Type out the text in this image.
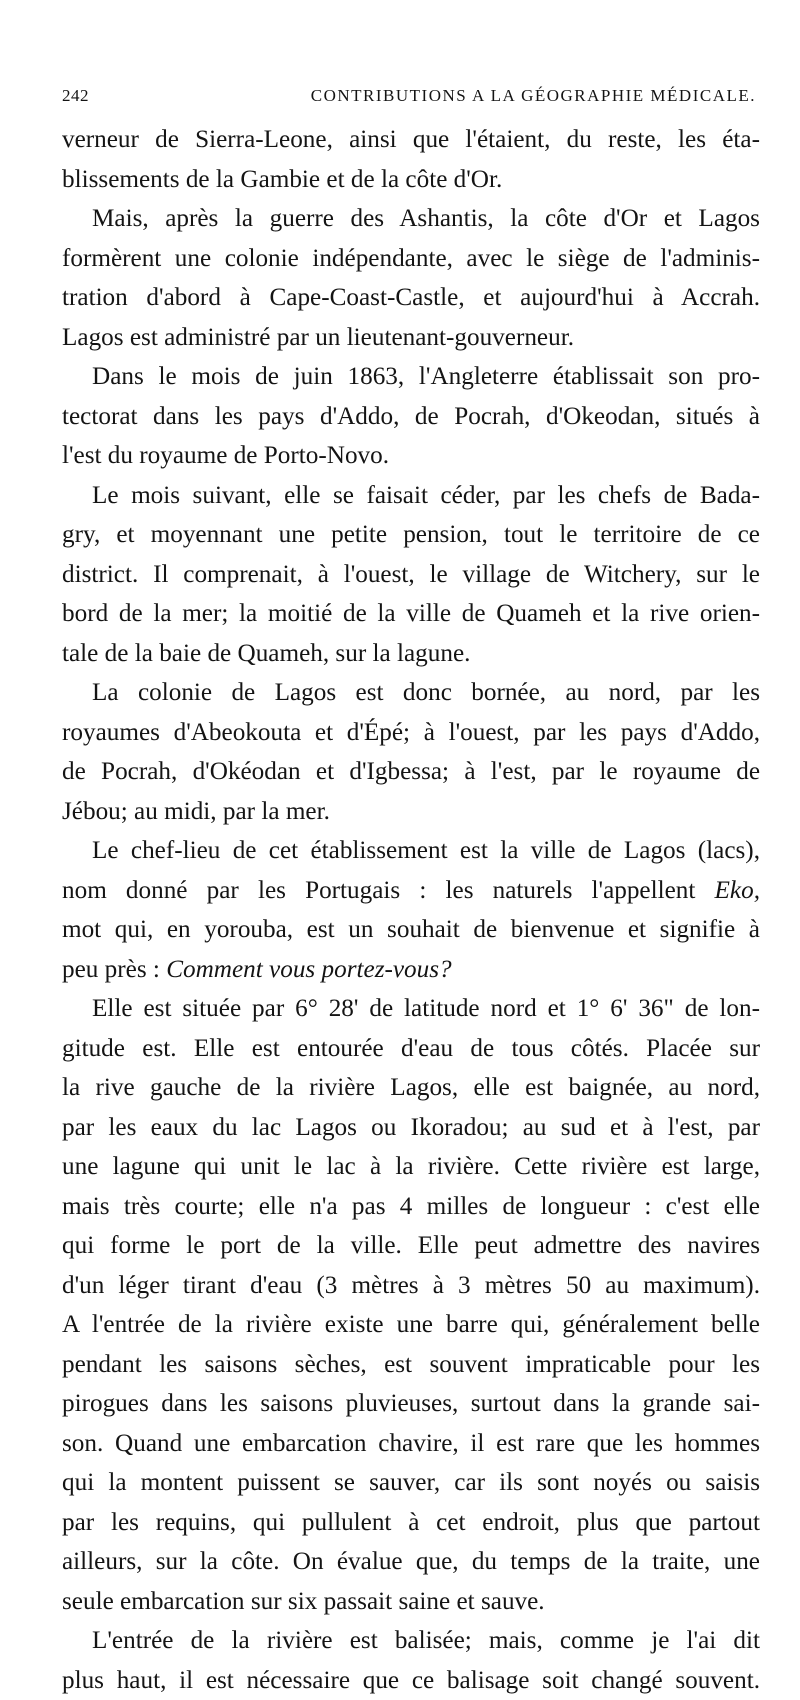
242	CONTRIBUTIONS A LA GÉOGRAPHIE MÉDICALE.
verneur de Sierra-Leone, ainsi que l'étaient, du reste, les éta-
blissements de la Gambie et de la côte d'Or.
Mais, après la guerre des Ashantis, la côte d'Or et Lagos
formèrent une colonie indépendante, avec le siège de l'adminis-
tration d'abord à Cape-Coast-Castle, et aujourd'hui à Accrah.
Lagos est administré par un lieutenant-gouverneur.
Dans le mois de juin 1863, l'Angleterre établissait son pro-
tectorat dans les pays d'Addo, de Pocrah, d'Okeodan, situés à
l'est du royaume de Porto-Novo.
Le mois suivant, elle se faisait céder, par les chefs de Bada-
gry, et moyennant une petite pension, tout le territoire de ce
district. Il comprenait, à l'ouest, le village de Witchery, sur le
bord de la mer; la moitié de la ville de Quameh et la rive orien-
tale de la baie de Quameh, sur la lagune.
La colonie de Lagos est donc bornée, au nord, par les
royaumes d'Abeokouta et d'Épé; à l'ouest, par les pays d'Addo,
de Pocrah, d'Okéodan et d'Igbessa; à l'est, par le royaume de
Jébou; au midi, par la mer.
Le chef-lieu de cet établissement est la ville de Lagos (lacs),
nom donné par les Portugais : les naturels l'appellent Eko,
mot qui, en yorouba, est un souhait de bienvenue et signifie à
peu près : Comment vous portez-vous?
Elle est située par 6° 28' de latitude nord et 1° 6' 36" de lon-
gitude est. Elle est entourée d'eau de tous côtés. Placée sur
la rive gauche de la rivière Lagos, elle est baignée, au nord,
par les eaux du lac Lagos ou Ikoradou; au sud et à l'est, par
une lagune qui unit le lac à la rivière. Cette rivière est large,
mais très courte; elle n'a pas 4 milles de longueur : c'est elle
qui forme le port de la ville. Elle peut admettre des navires
d'un léger tirant d'eau (3 mètres à 3 mètres 50 au maximum).
A l'entrée de la rivière existe une barre qui, généralement belle
pendant les saisons sèches, est souvent impraticable pour les
pirogues dans les saisons pluvieuses, surtout dans la grande sai-
son. Quand une embarcation chavire, il est rare que les hommes
qui la montent puissent se sauver, car ils sont noyés ou saisis
par les requins, qui pullulent à cet endroit, plus que partout
ailleurs, sur la côte. On évalue que, du temps de la traite, une
seule embarcation sur six passait saine et sauve.
L'entrée de la rivière est balisée; mais, comme je l'ai dit
plus haut, il est nécessaire que ce balisage soit changé souvent.
